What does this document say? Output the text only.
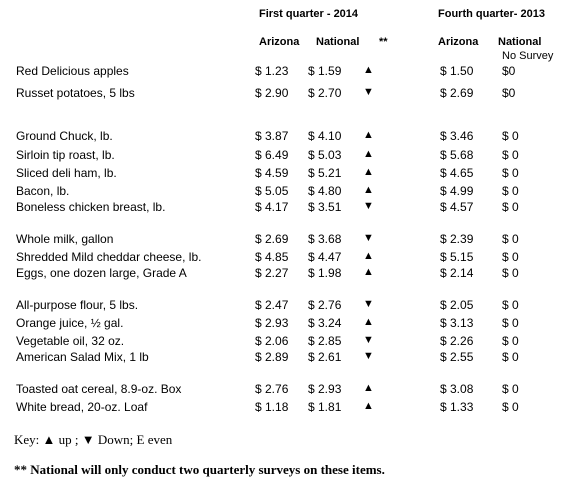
First quarter - 2014	Fourth quarter- 2013
Arizona National **	Arizona National
No Survey
Red Delicious apples	$ 1.23 $ 1.59 ▲	$ 1.50 $0
Russet potatoes, 5 lbs	$ 2.90 $ 2.70 ▼	$ 2.69 $0
Ground Chuck, lb.	$ 3.87 $ 4.10 ▲	$ 3.46 $ 0
Sirloin tip roast, lb.	$ 6.49 $ 5.03 ▲	$ 5.68 $ 0
Sliced deli ham, lb.	$ 4.59 $ 5.21 ▲	$ 4.65 $ 0
Bacon, lb.	$ 5.05 $ 4.80 ▲	$ 4.99 $ 0
Boneless chicken breast, lb.	$ 4.17 $ 3.51 ▼	$ 4.57 $ 0
Whole milk, gallon	$ 2.69 $ 3.68 ▼	$ 2.39 $ 0
Shredded Mild cheddar cheese, lb.	$ 4.85 $ 4.47 ▲	$ 5.15 $ 0
Eggs, one dozen large, Grade A	$ 2.27 $ 1.98 ▲	$ 2.14 $ 0
All-purpose flour, 5 lbs.	$ 2.47 $ 2.76 ▼	$ 2.05 $ 0
Orange juice, ½ gal.	$ 2.93 $ 3.24 ▲	$ 3.13 $ 0
Vegetable oil, 32 oz.	$ 2.06 $ 2.85 ▼	$ 2.26 $ 0
American Salad Mix, 1 lb	$ 2.89 $ 2.61 ▼	$ 2.55 $ 0
Toasted oat cereal, 8.9-oz. Box	$ 2.76 $ 2.93 ▲	$ 3.08 $ 0
White bread, 20-oz. Loaf	$ 1.18 $ 1.81 ▲	$ 1.33 $ 0
Key: ▲ up ; ▼ Down; E even
** National will only conduct two quarterly surveys on these items.
